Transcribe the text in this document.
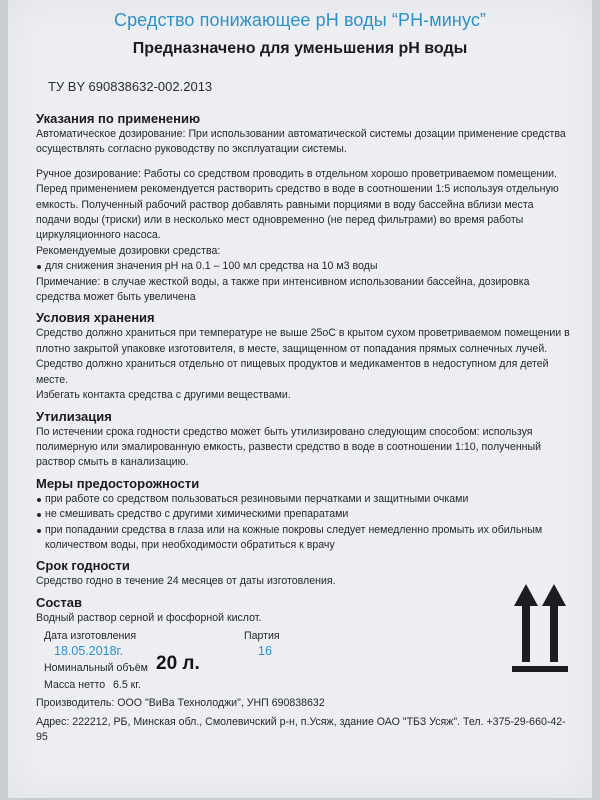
Средство понижающее pH воды “PH-минус”
Предназначено для уменьшения pH воды
ТУ BY 690838632-002.2013
Указания по применению

Автоматическое дозирование: При использовании автоматической системы дозации применение средства осуществлять согласно руководству по эксплуатации системы.

Ручное дозирование: Работы со средством проводить в отдельном хорошо проветриваемом помещении. Перед применением рекомендуется растворить средство в воде в соотношении 1:5 используя отдельную емкость. Полученный рабочий раствор добавлять равными порциями в воду бассейна вблизи места подачи воды (триски) или в несколько мест одновременно (не перед фильтрами) во время работы циркуляционного насоса.

Рекомендуемые дозировки средства:

для снижения значения pH на 0.1 – 100 мл средства на 10 м3 воды

Примечание: в случае жесткой воды, а также при интенсивном использовании бассейна, дозировка средства может быть увеличена

Условия хранения

Средство должно храниться при температуре не выше 25оС в крытом сухом проветриваемом помещении в плотно закрытой упаковке изготовителя, в месте, защищенном от попадания прямых солнечных лучей.

Средство должно храниться отдельно от пищевых продуктов и медикаментов в недоступном для детей месте.

Избегать контакта средства с другими веществами.

Утилизация

По истечении срока годности средство может быть утилизировано следующим способом: используя полимерную или эмалированную емкость, развести средство в воде в соотношении 1:10, полученный раствор смыть в канализацию.

Меры предосторожности

при работе со средством пользоваться резиновыми перчатками и защитными очками

не смешивать средство с другими химическими препаратами

при попадании средства в глаза или на кожные покровы следует немедленно промыть их обильным количеством воды, при необходимости обратиться к врачу

Срок годности

Средство годно в течение 24 месяцев от даты изготовления.

Состав

Водный раствор серной и фосфорной кислот.

Дата изготовления	Партия
18.05.2018г.	16
Номинальный объём 20 л.
Масса нетто 6.5 кг.
Производитель: ООО "ВиВа Технолоджи", УНП 690838632
Адрес: 222212, РБ, Минская обл., Смолевичский р-н, п.Усяж, здание ОАО "ТБЗ Усяж". Тел. +375-29-660-42-95
